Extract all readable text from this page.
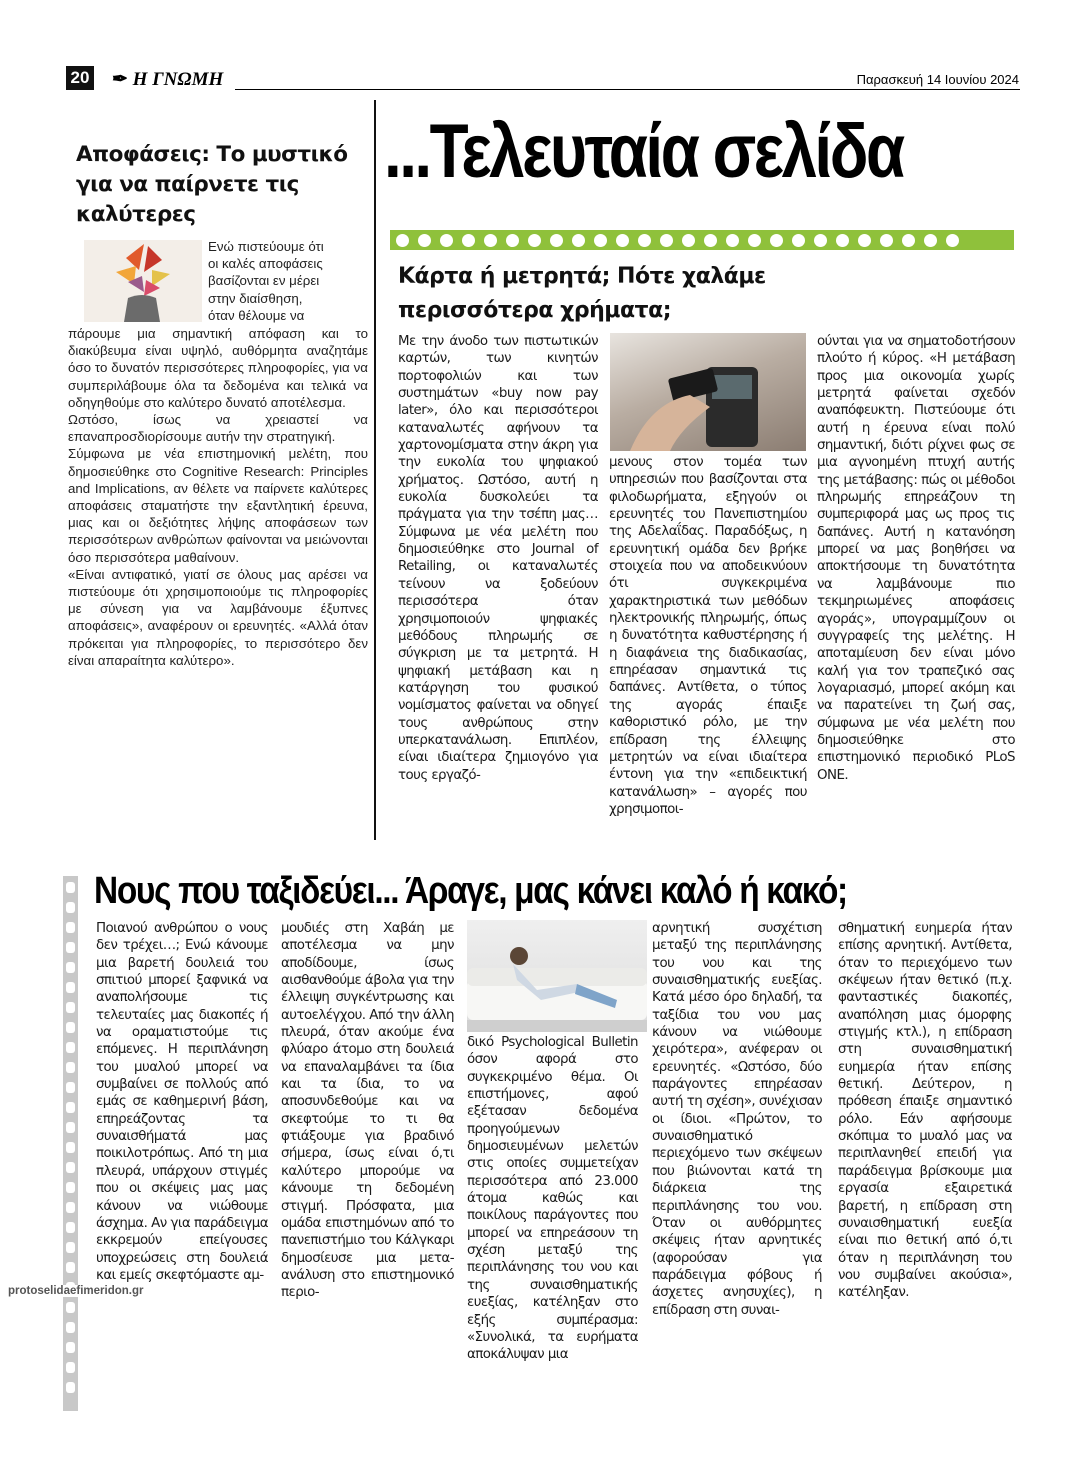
20 ✒ Η ΓΝΩΜΗ	Παρασκευή 14 Ιουνίου 2024
...Τελευταία σελίδα
Αποφάσεις: Το μυστικό για να παίρνετε τις καλύτερες
Ενώ πιστεύουμε ότι
οι καλές αποφάσεις
βασίζονται εν μέρει
στην διαίσθηση,
όταν θέλουμε να

πάρουμε μια σημαντική απόφαση και το διακύβευμα είναι υψηλό, αυθόρμητα αναζητάμε όσο το δυνατόν περισσότερες πληροφορίες, για να συμπεριλάβουμε όλα τα δεδομένα και τελικά να οδηγηθούμε στο καλύτερο δυνατό αποτέλεσμα.

Ωστόσο, ίσως να χρειαστεί να επαναπροσδιορίσουμε αυτήν την στρατηγική.

Σύμφωνα με νέα επιστημονική μελέτη, που δημοσιεύθηκε στο Cognitive Research: Principles and Implications, αν θέλετε να παίρνετε καλύτερες αποφάσεις σταματήστε την εξαντλητική έρευνα, μιας και οι δεξιότητες λήψης αποφάσεων των περισσότερων ανθρώπων φαίνονται να μειώνονται όσο περισσότερα μαθαίνουν.

«Είναι αντιφατικό, γιατί σε όλους μας αρέσει να πιστεύουμε ότι χρησιμοποιούμε τις πληροφορίες με σύνεση για να λαμβάνουμε έξυπνες αποφάσεις», αναφέρουν οι ερευνητές. «Αλλά όταν πρόκειται για πληροφορίες, το περισσότερο δεν είναι απαραίτητα καλύτερο».

Κάρτα ή μετρητά; Πότε χαλάμε περισσότερα χρήματα;
Με την άνοδο των πιστωτικών καρτών, των κινητών πορτοφολιών και των συστημάτων «buy now pay later», όλο και περισσότεροι καταναλωτές αφήνουν τα χαρτονομίσματα στην άκρη για την ευκολία του ψηφιακού χρήματος. Ωστόσο, αυτή η ευκολία δυσκολεύει τα πράγματα για την τσέπη μας… Σύμφωνα με νέα μελέτη που δημοσιεύθηκε στο Journal of Retailing, οι καταναλωτές τείνουν να ξοδεύουν περισσότερα όταν χρησιμοποιούν ψηφιακές μεθόδους πληρωμής σε σύγκριση με τα μετρητά. Η ψηφιακή μετάβαση και η κατάργηση του φυσικού νομίσματος φαίνεται να οδηγεί τους ανθρώπους στην υπερκατανάλωση. Επιπλέον, είναι ιδιαίτερα ζημιογόνο για τους εργαζό-
μενους στον τομέα των υπηρεσιών που βασίζονται στα φιλοδωρήματα, εξηγούν οι ερευνητές του Πανεπιστημίου της Αδελαΐδας. Παραδόξως, η ερευνητική ομάδα δεν βρήκε στοιχεία που να αποδεικνύουν ότι συγκεκριμένα χαρακτηριστικά των μεθόδων ηλεκτρονικής πληρωμής, όπως η δυνατότητα καθυστέρησης ή η διαφάνεια της διαδικασίας, επηρέασαν σημαντικά τις δαπάνες. Αντίθετα, ο τύπος της αγοράς έπαιξε καθοριστικό ρόλο, με την επίδραση της έλλειψης μετρητών να είναι ιδιαίτερα έντονη για την «επιδεικτική κατανάλωση» – αγορές που χρησιμοποι-
ούνται για να σηματοδοτήσουν πλούτο ή κύρος. «Η μετάβαση προς μια οικονομία χωρίς μετρητά φαίνεται σχεδόν αναπόφευκτη. Πιστεύουμε ότι αυτή η έρευνα είναι πολύ σημαντική, διότι ρίχνει φως σε μια αγνοημένη πτυχή αυτής της μετάβασης: πώς οι μέθοδοι πληρωμής επηρεάζουν τη συμπεριφορά μας ως προς τις δαπάνες. Αυτή η κατανόηση μπορεί να μας βοηθήσει να αποκτήσουμε τη δυνατότητα να λαμβάνουμε πιο τεκμηριωμένες αποφάσεις αγοράς», υπογραμμίζουν οι συγγραφείς της μελέτης. Η αποταμίευση δεν είναι μόνο καλή για τον τραπεζικό σας λογαριασμό, μπορεί ακόμη και να παρατείνει τη ζωή σας, σύμφωνα με νέα μελέτη που δημοσιεύθηκε στο επιστημονικό περιοδικό PLoS ONE.
Νους που ταξιδεύει... Άραγε, μας κάνει καλό ή κακό;
Ποιανού ανθρώπου ο νους δεν τρέχει…; Ενώ κάνουμε μια βαρετή δουλειά του σπιτιού μπορεί ξαφνικά να αναπολήσουμε τις τελευταίες μας διακοπές ή να οραματιστούμε τις επόμενες. Η περιπλάνηση του μυαλού μπορεί να συμβαίνει σε πολλούς από εμάς σε καθημερινή βάση, επηρεάζοντας τα συναισθήματά μας ποικιλοτρόπως. Από τη μια πλευρά, υπάρχουν στιγμές που οι σκέψεις μας μας κάνουν να νιώθουμε άσχημα. Αν για παράδειγμα εκκρεμούν επείγουσες υποχρεώσεις στη δουλειά και εμείς σκεφτόμαστε αμ-
μουδιές στη Χαβάη με αποτέλεσμα να μην αποδίδουμε, ίσως αισθανθούμε άβολα για την έλλειψη συγκέντρωσης και αυτοελέγχου. Από την άλλη πλευρά, όταν ακούμε ένα φλύαρο άτομο στη δουλειά να επαναλαμβάνει τα ίδια και τα ίδια, το να αποσυνδεθούμε και να σκεφτούμε το τι θα φτιάξουμε για βραδινό σήμερα, ίσως είναι ό,τι καλύτερο μπορούμε να κάνουμε τη δεδομένη στιγμή. Πρόσφατα, μια ομάδα επιστημόνων από το πανεπιστήμιο του Κάλγκαρι δημοσίευσε μια μετα-ανάλυση στο επιστημονικό περιο-
δικό Psychological Bulletin όσον αφορά στο συγκεκριμένο θέμα. Οι επιστήμονες, αφού εξέτασαν δεδομένα προηγούμενων δημοσιευμένων μελετών στις οποίες συμμετείχαν περισσότερα από 23.000 άτομα καθώς και ποικίλους παράγοντες που μπορεί να επηρεάσουν τη σχέση μεταξύ της περιπλάνησης του νου και της συναισθηματικής ευεξίας, κατέληξαν στο εξής συμπέρασμα: «Συνολικά, τα ευρήματα αποκάλυψαν μια
αρνητική συσχέτιση μεταξύ της περιπλάνησης του νου και της συναισθηματικής ευεξίας. Κατά μέσο όρο δηλαδή, τα ταξίδια του νου μας κάνουν να νιώθουμε χειρότερα», ανέφεραν οι ερευνητές. «Ωστόσο, δύο παράγοντες επηρέασαν αυτή τη σχέση», συνέχισαν οι ίδιοι. «Πρώτον, το συναισθηματικό περιεχόμενο των σκέψεων που βιώνονται κατά τη διάρκεια της περιπλάνησης του νου. Όταν οι αυθόρμητες σκέψεις ήταν αρνητικές (αφορούσαν για παράδειγμα φόβους ή άσχετες ανησυχίες), η επίδραση στη συναι-
σθηματική ευημερία ήταν επίσης αρνητική. Αντίθετα, όταν το περιεχόμενο των σκέψεων ήταν θετικό (π.χ. φανταστικές διακοπές, αναπόληση μιας όμορφης στιγμής κτλ.), η επίδραση στη συναισθηματική ευημερία ήταν επίσης θετική. Δεύτερον, η πρόθεση έπαιξε σημαντικό ρόλο. Εάν αφήσουμε σκόπιμα το μυαλό μας να περιπλανηθεί επειδή για παράδειγμα βρίσκουμε μια εργασία εξαιρετικά βαρετή, η επίδραση στη συναισθηματική ευεξία είναι πιο θετική από ό,τι όταν η περιπλάνηση του νου συμβαίνει ακούσια», κατέληξαν.
protoselidaefimeridon.gr
